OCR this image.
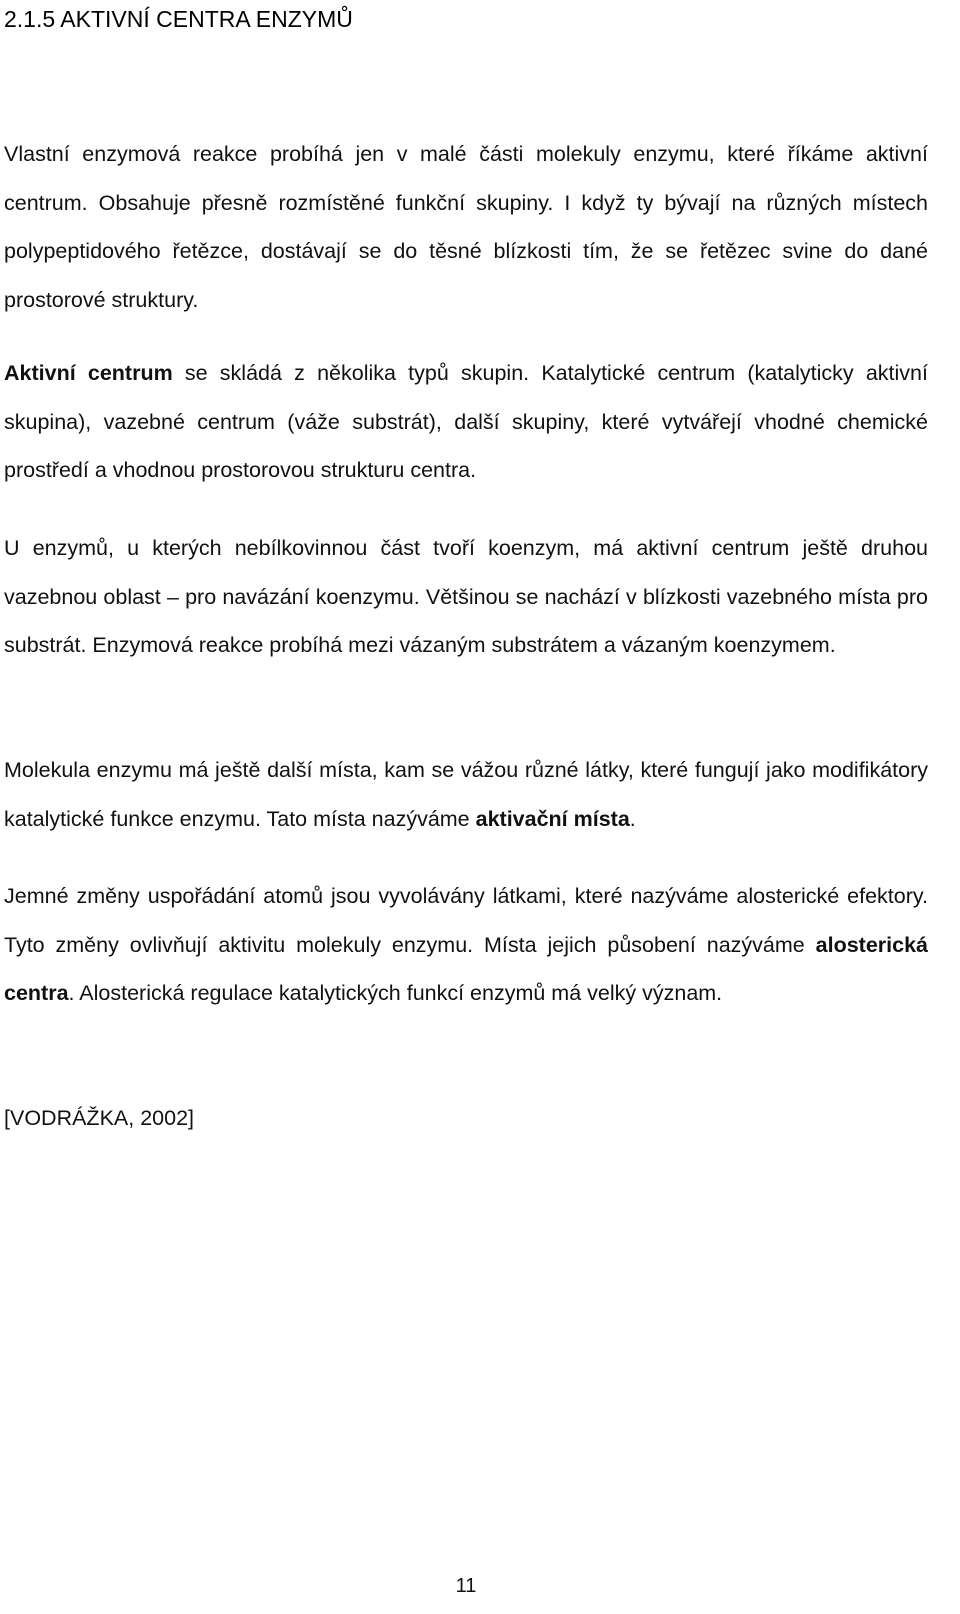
2.1.5 AKTIVNÍ CENTRA ENZYMŮ

Vlastní enzymová reakce probíhá jen v malé části molekuly enzymu, které říkáme aktivní centrum. Obsahuje přesně rozmístěné funkční skupiny. I když ty bývají na různých místech polypeptidového řetězce, dostávají se do těsné blízkosti tím, že se řetězec svine do dané prostorové struktury.

Aktivní centrum se skládá z několika typů skupin. Katalytické centrum (katalyticky aktivní skupina), vazebné centrum (váže substrát), další skupiny, které vytvářejí vhodné chemické prostředí a vhodnou prostorovou strukturu centra.

U enzymů, u kterých nebílkovinnou část tvoří koenzym, má aktivní centrum ještě druhou vazebnou oblast – pro navázání koenzymu. Většinou se nachází v blízkosti vazebného místa pro substrát. Enzymová reakce probíhá mezi vázaným substrátem a vázaným koenzymem.

Molekula enzymu má ještě další místa, kam se vážou různé látky, které fungují jako modifikátory katalytické funkce enzymu. Tato místa nazýváme aktivační místa.

Jemné změny uspořádání atomů jsou vyvolávány látkami, které nazýváme alosterické efektory. Tyto změny ovlivňují aktivitu molekuly enzymu. Místa jejich působení nazýváme alosterická centra. Alosterická regulace katalytických funkcí enzymů má velký význam.

[VODRÁŽKA, 2002]

11
